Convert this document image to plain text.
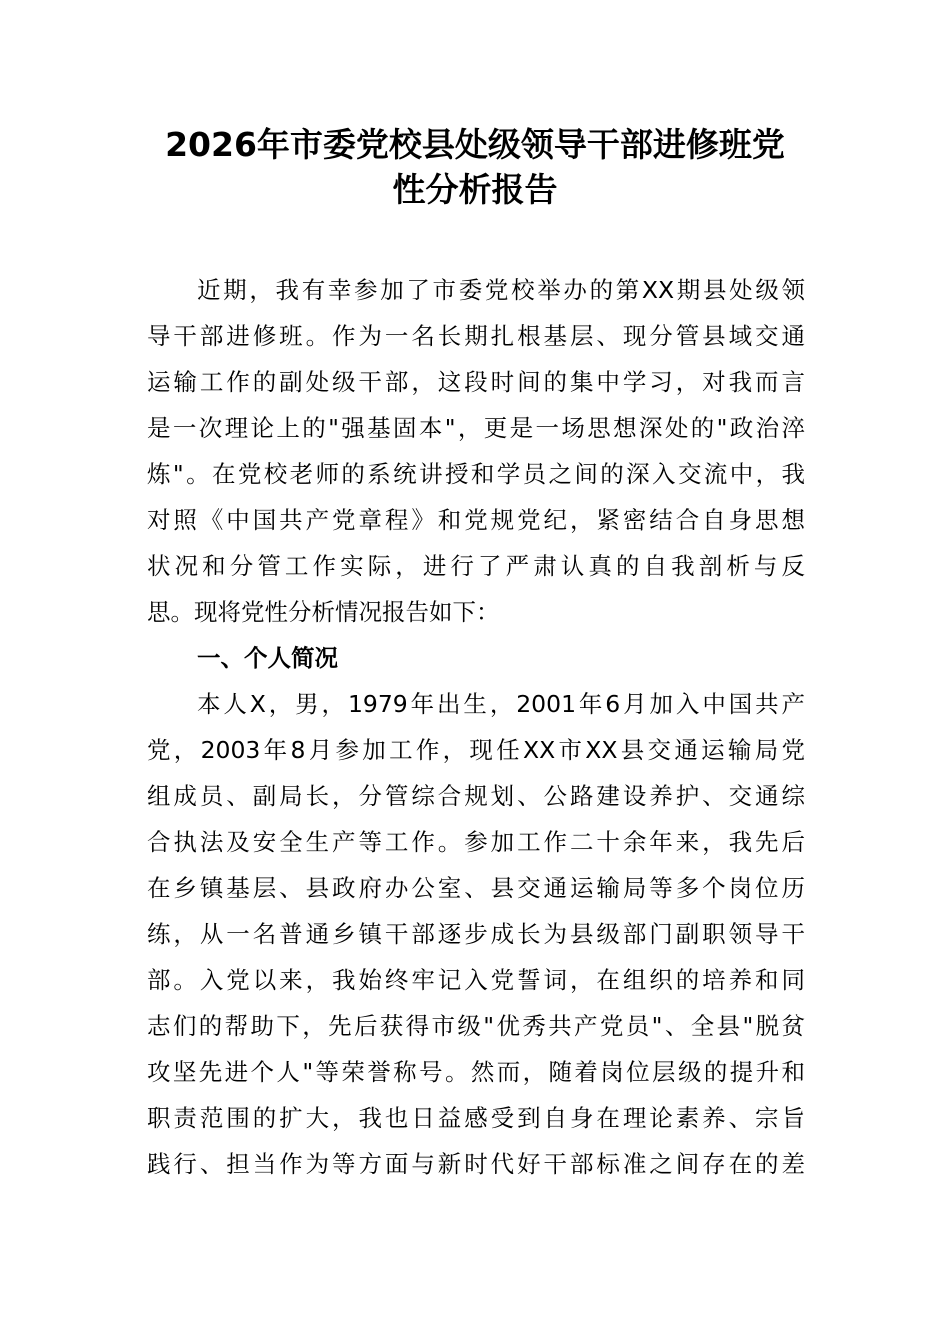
2026年市委党校县处级领导干部进修班党
性分析报告
近期，我有幸参加了市委党校举办的第XX期县处级领
导干部进修班。作为一名长期扎根基层、现分管县域交通
运输工作的副处级干部，这段时间的集中学习，对我而言
是一次理论上的"强基固本"，更是一场思想深处的"政治淬
炼"。在党校老师的系统讲授和学员之间的深入交流中，我
对照《中国共产党章程》和党规党纪，紧密结合自身思想
状况和分管工作实际，进行了严肃认真的自我剖析与反
思。现将党性分析情况报告如下：
一、个人简况
本人X，男，1979年出生，2001年6月加入中国共产
党，2003年8月参加工作，现任XX市XX县交通运输局党
组成员、副局长，分管综合规划、公路建设养护、交通综
合执法及安全生产等工作。参加工作二十余年来，我先后
在乡镇基层、县政府办公室、县交通运输局等多个岗位历
练，从一名普通乡镇干部逐步成长为县级部门副职领导干
部。入党以来，我始终牢记入党誓词，在组织的培养和同
志们的帮助下，先后获得市级"优秀共产党员"、全县"脱贫
攻坚先进个人"等荣誉称号。然而，随着岗位层级的提升和
职责范围的扩大，我也日益感受到自身在理论素养、宗旨
践行、担当作为等方面与新时代好干部标准之间存在的差
